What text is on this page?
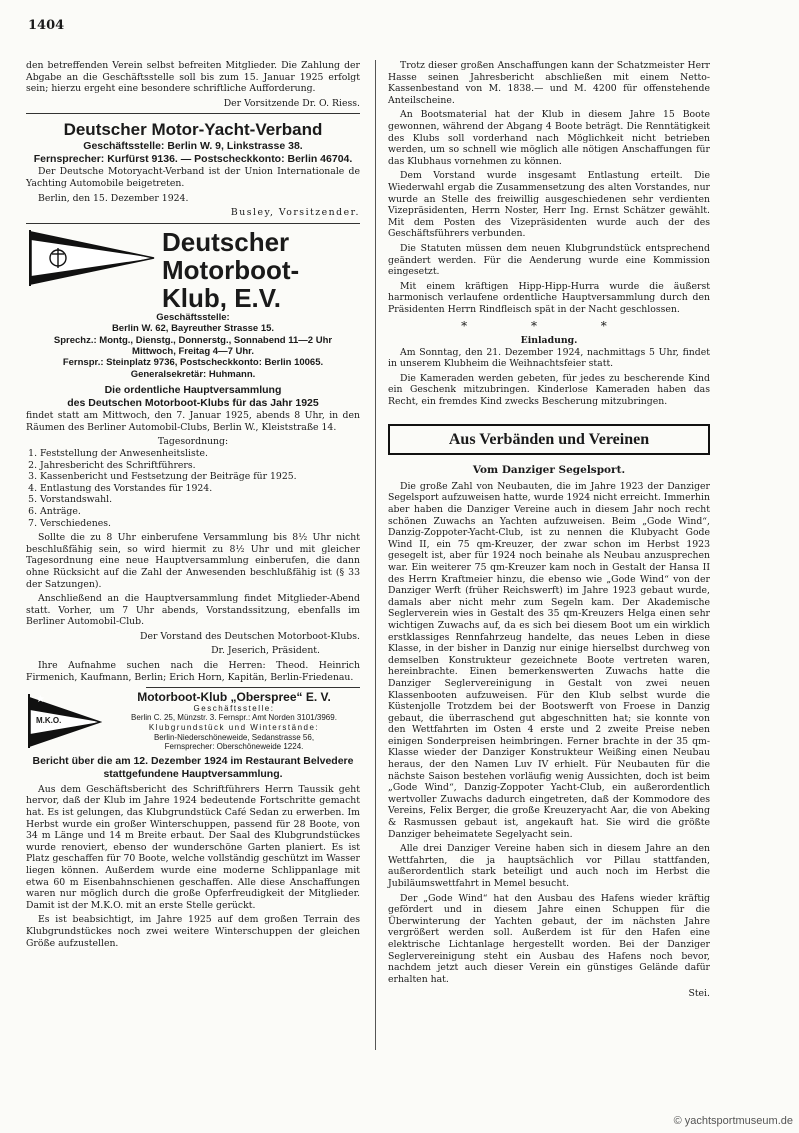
1404

den betreffenden Verein selbst befreiten Mitglieder. Die Zahlung der Abgabe an die Geschäftsstelle soll bis zum 15. Januar 1925 erfolgt sein; hierzu ergeht eine besondere schriftliche Aufforderung.

Der Vorsitzende Dr. O. Riess.

Deutscher Motor-Yacht-Verband
Geschäftsstelle: Berlin W. 9, Linkstrasse 38.
Fernsprecher: Kurfürst 9136. — Postscheckkonto: Berlin 46704.

Der Deutsche Motoryacht-Verband ist der Union Internationale de Yachting Automobile beigetreten.

Berlin, den 15. Dezember 1924.

Busley, Vorsitzender.

Deutscher
Motorboot-Klub, E.V.
Geschäftsstelle:
Berlin W. 62, Bayreuther Strasse 15.
Sprechz.: Montg., Dienstg., Donnerstg., Sonnabend 11—2 Uhr
Mittwoch, Freitag 4—7 Uhr.
Fernspr.: Steinplatz 9736, Postscheckkonto: Berlin 10065.
Generalsekretär: Huhmann.
Die ordentliche Hauptversammlung
des Deutschen Motorboot-Klubs für das Jahr 1925

findet statt am Mittwoch, den 7. Januar 1925, abends 8 Uhr, in den Räumen des Berliner Automobil-Clubs, Berlin W., Kleiststraße 14.

Tagesordnung:
1. Feststellung der Anwesenheitsliste.
2. Jahresbericht des Schriftführers.
3. Kassenbericht und Festsetzung der Beiträge für 1925.
4. Entlastung des Vorstandes für 1924.
5. Vorstandswahl.
6. Anträge.
7. Verschiedenes.

Sollte die zu 8 Uhr einberufene Versammlung bis 8½ Uhr nicht beschlußfähig sein, so wird hiermit zu 8½ Uhr und mit gleicher Tagesordnung eine neue Hauptversammlung einberufen, die dann ohne Rücksicht auf die Zahl der Anwesenden beschlußfähig ist (§ 33 der Satzungen).

Anschließend an die Hauptversammlung findet Mitglieder-Abend statt. Vorher, um 7 Uhr abends, Vorstandssitzung, ebenfalls im Berliner Automobil-Club.

Der Vorstand des Deutschen Motorboot-Klubs.

Dr. Jeserich, Präsident.

Ihre Aufnahme suchen nach die Herren: Theod. Heinrich Firmenich, Kaufmann, Berlin; Erich Horn, Kapitän, Berlin-Friedenau.

★
M.K.O.
Motorboot-Klub „Oberspree“ E. V.
Geschäftsstelle:
Berlin C. 25, Münzstr. 3. Fernspr.: Amt Norden 3101/3969.
Klubgrundstück und Winterstände:
Berlin-Niederschöneweide, Sedanstrasse 56,
Fernsprecher: Oberschöneweide 1224.
Bericht über die am 12. Dezember 1924 im Restaurant Belvedere stattgefundene Hauptversammlung.

Aus dem Geschäftsbericht des Schriftführers Herrn Taussik geht hervor, daß der Klub im Jahre 1924 bedeutende Fortschritte gemacht hat. Es ist gelungen, das Klubgrundstück Café Sedan zu erwerben. Im Herbst wurde ein großer Winterschuppen, passend für 28 Boote, von 34 m Länge und 14 m Breite erbaut. Der Saal des Klubgrundstückes wurde renoviert, ebenso der wunderschöne Garten planiert. Es ist Platz geschaffen für 70 Boote, welche vollständig geschützt im Wasser liegen können. Außerdem wurde eine moderne Schlippanlage mit etwa 60 m Eisenbahnschienen geschaffen. Alle diese Anschaffungen waren nur möglich durch die große Opferfreudigkeit der Mitglieder. Damit ist der M.K.O. mit an erste Stelle gerückt.

Es ist beabsichtigt, im Jahre 1925 auf dem großen Terrain des Klubgrundstückes noch zwei weitere Winterschuppen der gleichen Größe aufzustellen.

Trotz dieser großen Anschaffungen kann der Schatzmeister Herr Hasse seinen Jahresbericht abschließen mit einem Netto-Kassenbestand von M. 1838.— und M. 4200 für offenstehende Anteilscheine.

An Bootsmaterial hat der Klub in diesem Jahre 15 Boote gewonnen, während der Abgang 4 Boote beträgt. Die Renntätigkeit des Klubs soll vorderhand nach Möglichkeit nicht betrieben werden, um so schnell wie möglich alle nötigen Anschaffungen für das Klubhaus vornehmen zu können.

Dem Vorstand wurde insgesamt Entlastung erteilt. Die Wiederwahl ergab die Zusammensetzung des alten Vorstandes, nur wurde an Stelle des freiwillig ausgeschiedenen sehr verdienten Vizepräsidenten, Herrn Noster, Herr Ing. Ernst Schätzer gewählt. Mit dem Posten des Vizepräsidenten wurde auch der des Geschäftsführers verbunden.

Die Statuten müssen dem neuen Klubgrundstück entsprechend geändert werden. Für die Aenderung wurde eine Kommission eingesetzt.

Mit einem kräftigen Hipp-Hipp-Hurra wurde die äußerst harmonisch verlaufene ordentliche Hauptversammlung durch den Präsidenten Herrn Rindfleisch spät in der Nacht geschlossen.

* * *
Einladung.

Am Sonntag, den 21. Dezember 1924, nachmittags 5 Uhr, findet in unserem Klubheim die Weihnachtsfeier statt.

Die Kameraden werden gebeten, für jedes zu bescherende Kind ein Geschenk mitzubringen. Kinderlose Kameraden haben das Recht, ein fremdes Kind zwecks Bescherung mitzubringen.

Aus Verbänden und Vereinen
Vom Danziger Segelsport.

Die große Zahl von Neubauten, die im Jahre 1923 der Danziger Segelsport aufzuweisen hatte, wurde 1924 nicht erreicht. Immerhin aber haben die Danziger Vereine auch in diesem Jahr noch recht schönen Zuwachs an Yachten aufzuweisen. Beim „Gode Wind“, Danzig-Zoppoter-Yacht-Club, ist zu nennen die Klubyacht Gode Wind II, ein 75 qm-Kreuzer, der zwar schon im Herbst 1923 gesegelt ist, aber für 1924 noch beinahe als Neubau anzusprechen war. Ein weiterer 75 qm-Kreuzer kam noch in Gestalt der Hansa II des Herrn Kraftmeier hinzu, die ebenso wie „Gode Wind“ von der Danziger Werft (früher Reichswerft) im Jahre 1923 gebaut wurde, damals aber nicht mehr zum Segeln kam. Der Akademische Seglerverein wies in Gestalt des 35 qm-Kreuzers Helga einen sehr wichtigen Zuwachs auf, da es sich bei diesem Boot um ein wirklich erstklassiges Rennfahrzeug handelte, das neues Leben in diese Klasse, in der bisher in Danzig nur einige hierselbst durchweg von demselben Konstrukteur gezeichnete Boote vertreten waren, hereinbrachte. Einen bemerkenswerten Zuwachs hatte die Danziger Seglervereinigung in Gestalt von zwei neuen Klassenbooten aufzuweisen. Für den Klub selbst wurde die Küstenjolle Trotzdem bei der Bootswerft von Froese in Danzig gebaut, die überraschend gut abgeschnitten hat; sie konnte von den Wettfahrten im Osten 4 erste und 2 zweite Preise neben einigen Sonderpreisen heimbringen. Ferner brachte in der 35 qm-Klasse wieder der Danziger Konstrukteur Weißing einen Neubau heraus, der den Namen Luv IV erhielt. Für Neubauten für die nächste Saison bestehen vorläufig wenig Aussichten, doch ist beim „Gode Wind“, Danzig-Zoppoter Yacht-Club, ein außerordentlich wertvoller Zuwachs dadurch eingetreten, daß der Kommodore des Vereins, Felix Berger, die große Kreuzeryacht Aar, die von Abeking & Rasmussen gebaut ist, angekauft hat. Sie wird die größte Danziger beheimatete Segelyacht sein.

Alle drei Danziger Vereine haben sich in diesem Jahre an den Wettfahrten, die ja hauptsächlich vor Pillau stattfanden, außerordentlich stark beteiligt und auch noch im Herbst die Jubiläumswettfahrt in Memel besucht.

Der „Gode Wind“ hat den Ausbau des Hafens wieder kräftig gefördert und in diesem Jahre einen Schuppen für die Überwinterung der Yachten gebaut, der im nächsten Jahre vergrößert werden soll. Außerdem ist für den Hafen eine elektrische Lichtanlage hergestellt worden. Bei der Danziger Seglervereinigung steht ein Ausbau des Hafens noch bevor, nachdem jetzt auch dieser Verein ein günstiges Gelände dafür erhalten hat.

Stei.

© yachtsportmuseum.de
